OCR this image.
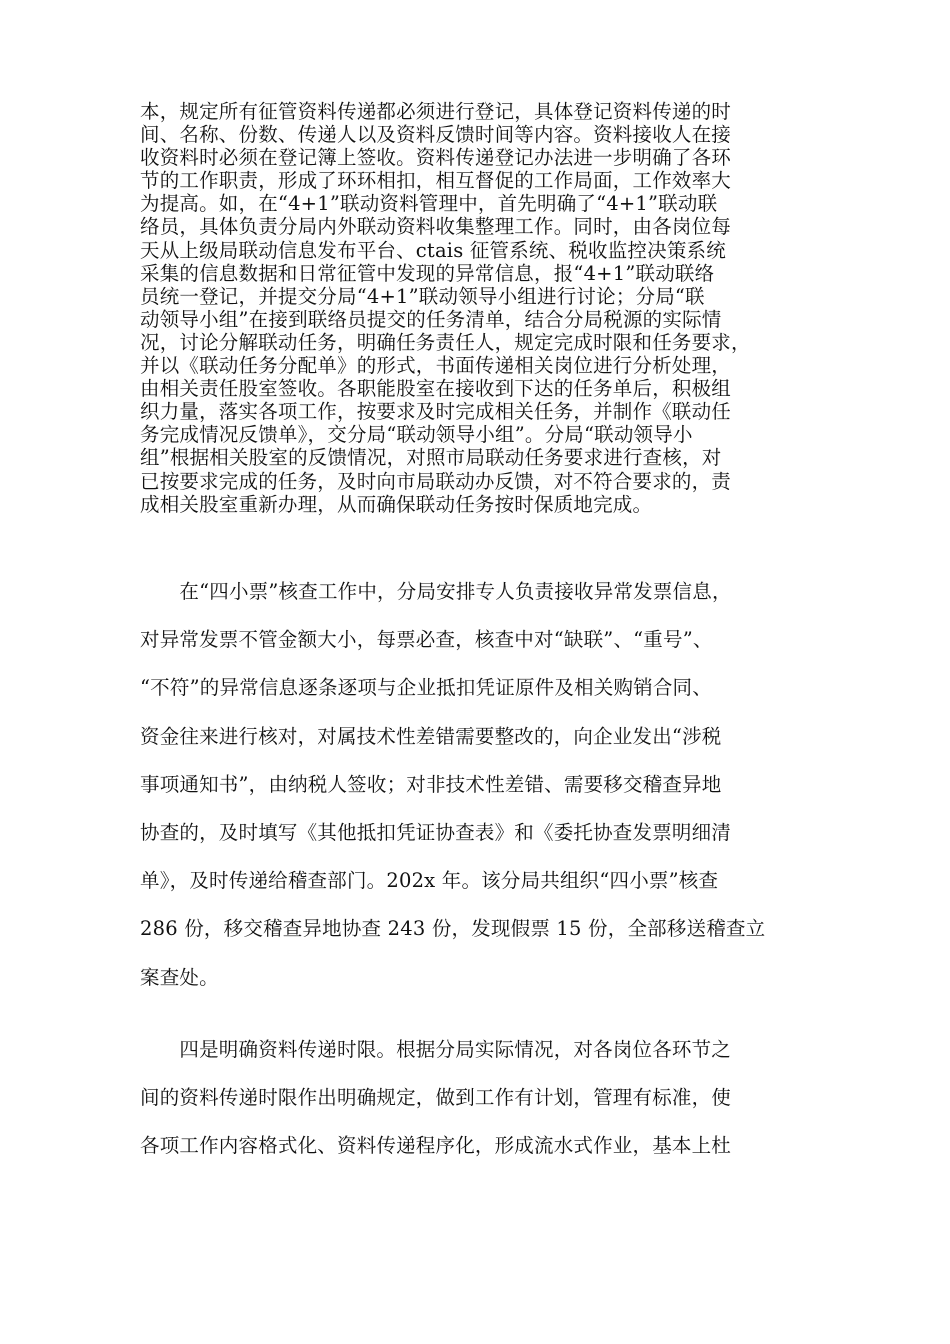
本，规定所有征管资料传递都必须进行登记，具体登记资料传递的时
间、名称、份数、传递人以及资料反馈时间等内容。资料接收人在接
收资料时必须在登记簿上签收。资料传递登记办法进一步明确了各环
节的工作职责，形成了环环相扣，相互督促的工作局面，工作效率大
为提高。如，在“4+1”联动资料管理中，首先明确了“4+1”联动联
络员，具体负责分局内外联动资料收集整理工作。同时，由各岗位每
天从上级局联动信息发布平台、ctais 征管系统、税收监控决策系统
采集的信息数据和日常征管中发现的异常信息，报“4+1”联动联络
员统一登记，并提交分局“4+1”联动领导小组进行讨论；分局“联
动领导小组”在接到联络员提交的任务清单，结合分局税源的实际情
况，讨论分解联动任务，明确任务责任人，规定完成时限和任务要求，
并以《联动任务分配单》的形式，书面传递相关岗位进行分析处理，
由相关责任股室签收。各职能股室在接收到下达的任务单后，积极组
织力量，落实各项工作，按要求及时完成相关任务，并制作《联动任
务完成情况反馈单》，交分局“联动领导小组”。分局“联动领导小
组”根据相关股室的反馈情况，对照市局联动任务要求进行查核，对
已按要求完成的任务，及时向市局联动办反馈，对不符合要求的，责
成相关股室重新办理，从而确保联动任务按时保质地完成。
　　在“四小票”核查工作中，分局安排专人负责接收异常发票信息，
对异常发票不管金额大小，每票必查，核查中对“缺联”、“重号”、
“不符”的异常信息逐条逐项与企业抵扣凭证原件及相关购销合同、
资金往来进行核对，对属技术性差错需要整改的，向企业发出“涉税
事项通知书”，由纳税人签收；对非技术性差错、需要移交稽查异地
协查的，及时填写《其他抵扣凭证协查表》和《委托协查发票明细清
单》，及时传递给稽查部门。202x 年。该分局共组织“四小票”核查
286 份，移交稽查异地协查 243 份，发现假票 15 份，全部移送稽查立
案查处。
　　四是明确资料传递时限。根据分局实际情况，对各岗位各环节之
间的资料传递时限作出明确规定，做到工作有计划，管理有标准，使
各项工作内容格式化、资料传递程序化，形成流水式作业，基本上杜
